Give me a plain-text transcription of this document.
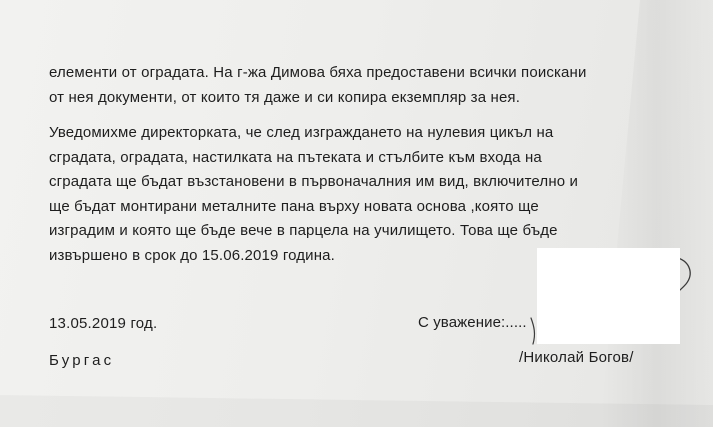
елементи от оградата. На г-жа Димова бяха предоставени всички поискани
от нея документи, от които тя даже и си копира екземпляр за нея.

Уведомихме директорката, че след изграждането на нулевия цикъл на
сградата, оградата, настилката на пътеката и стълбите към входа на
сградата ще бъдат възстановени в първоначалния им вид, включително и
ще бъдат монтирани металните пана върху новата основа ,която ще
изградим и която ще бъде вече в парцела на училището. Това ще бъде
извършено в срок до 15.06.2019 година.

13.05.2019 год.
Бургас
С уважение:.....
/Николай Богов/
